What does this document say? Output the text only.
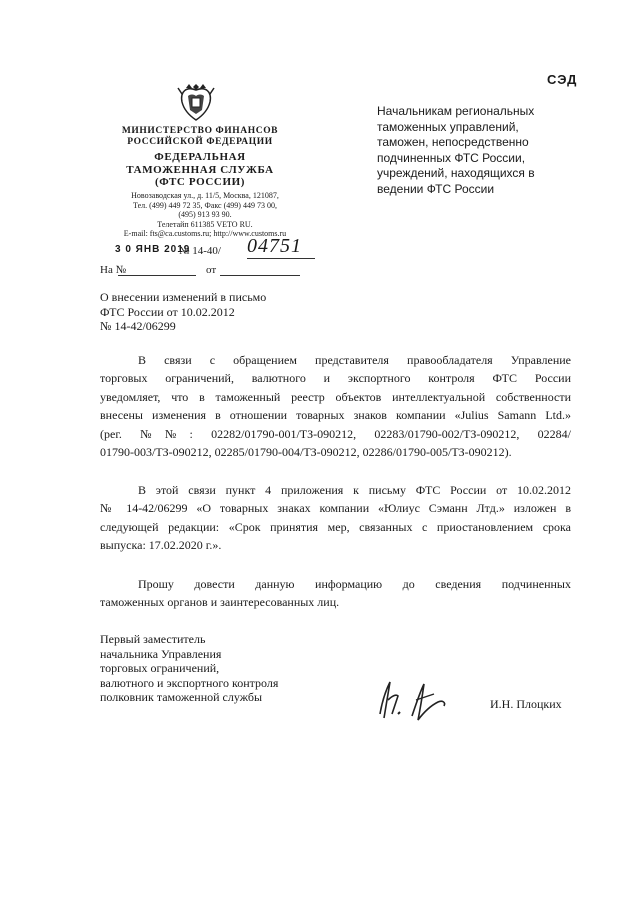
СЭД
МИНИСТЕРСТВО ФИНАНСОВ
РОССИЙСКОЙ ФЕДЕРАЦИИ
ФЕДЕРАЛЬНАЯ
ТАМОЖЕННАЯ СЛУЖБА
(ФТС РОССИИ)
Новозаводская ул., д. 11/5, Москва, 121087,
Тел. (499) 449 72 35, Факс (499) 449 73 00,
(495) 913 93 90.
Телетайп 611385 VETO RU.
E-mail: fts@ca.customs.ru; http://www.customs.ru
3 0 ЯНВ 2019
№ 14-40/ 04751
На №	от
Начальникам региональных
таможенных управлений,
таможен, непосредственно
подчиненных ФТС России,
учреждений, находящихся в
ведении ФТС России
О внесении изменений в письмо
ФТС России от 10.02.2012
№ 14-42/06299
В связи с обращением представителя правообладателя Управление
торговых ограничений, валютного и экспортного контроля ФТС России
уведомляет, что в таможенный реестр объектов интеллектуальной собственности
внесены изменения в отношении товарных знаков компании «Julius Samann Ltd.»
(рег. №№: 02282/01790-001/ТЗ-090212, 02283/01790-002/ТЗ-090212, 02284/
01790-003/ТЗ-090212, 02285/01790-004/ТЗ-090212, 02286/01790-005/ТЗ-090212).
В этой связи пункт 4 приложения к письму ФТС России от 10.02.2012
№ 14-42/06299 «О товарных знаках компании «Юлиус Сэманн Лтд.» изложен в
следующей редакции: «Срок принятия мер, связанных с приостановлением срока
выпуска: 17.02.2020 г.».
Прошу довести данную информацию до сведения подчиненных
таможенных органов и заинтересованных лиц.
Первый заместитель
начальника Управления
торговых ограничений,
валютного и экспортного контроля
полковник таможенной службы	И.Н. Плоцких
